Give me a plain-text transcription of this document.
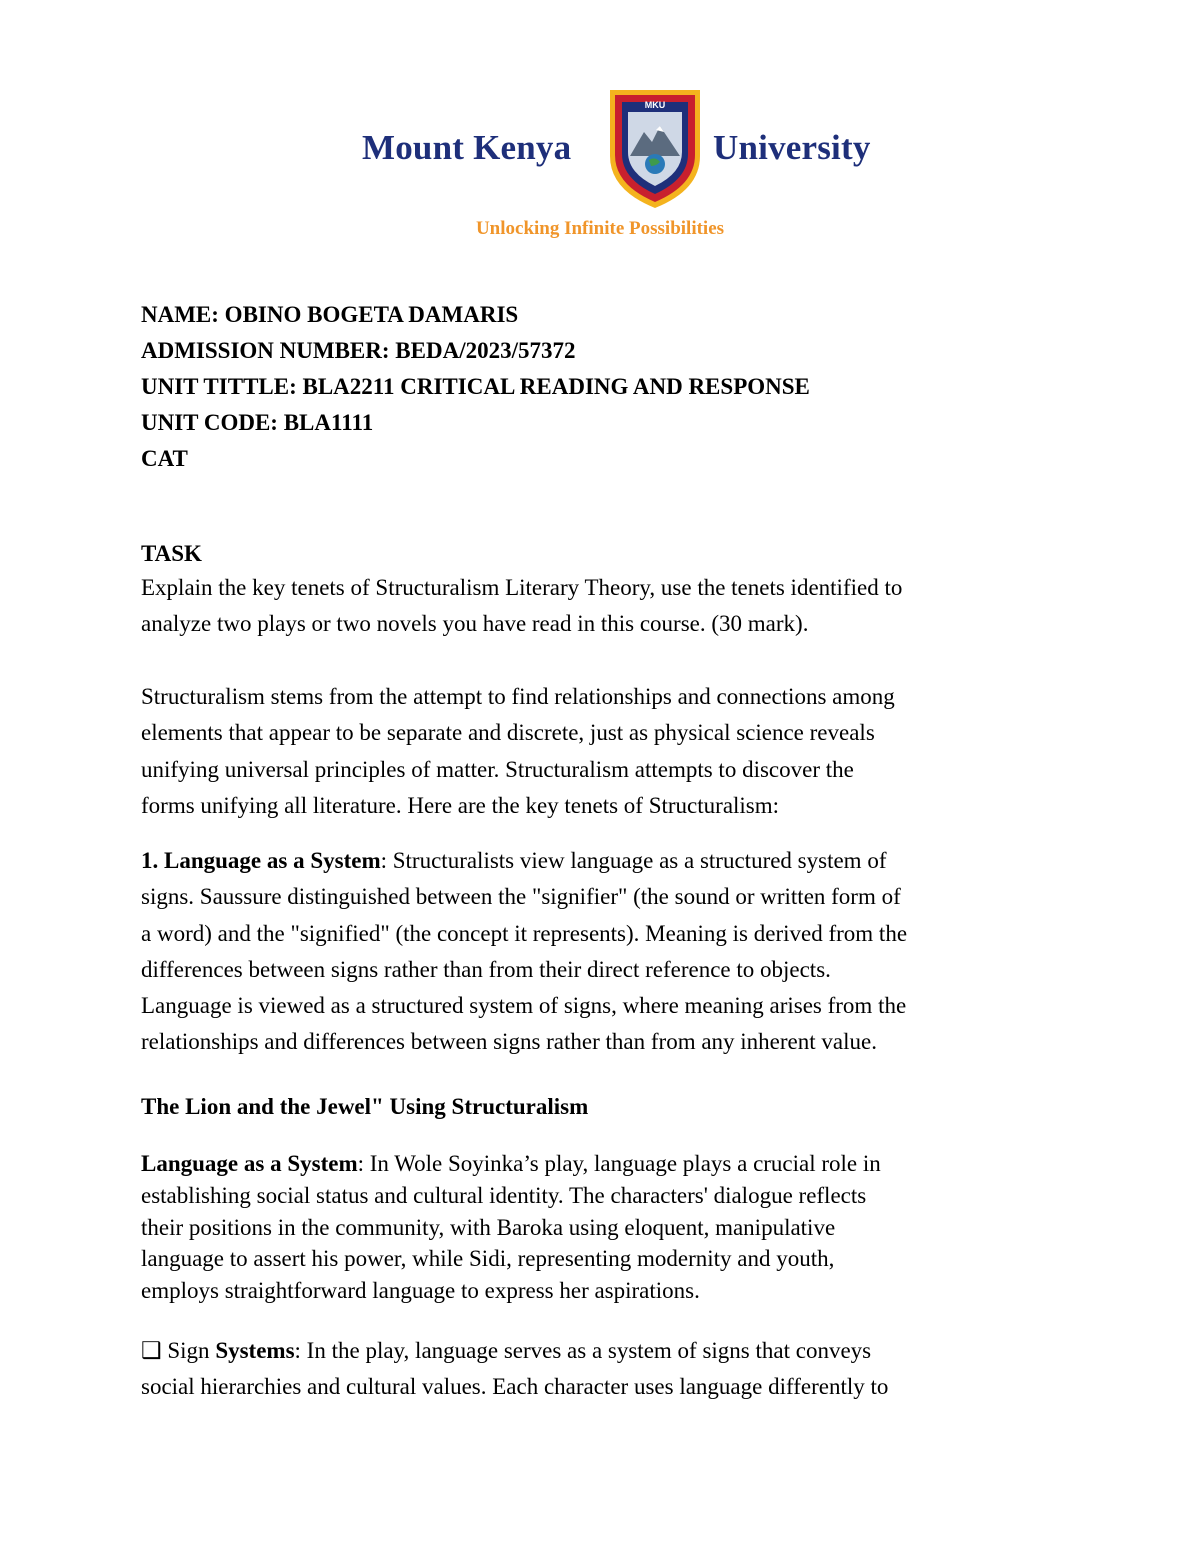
Mount Kenya
MKU
University
Unlocking Infinite Possibilities
NAME: OBINO BOGETA DAMARIS
ADMISSION NUMBER: BEDA/2023/57372
UNIT TITTLE: BLA2211 CRITICAL READING AND RESPONSE
UNIT CODE: BLA1111
CAT
TASK

Explain the key tenets of Structuralism Literary Theory, use the tenets identified to

analyze two plays or two novels you have read in this course. (30 mark).

Structuralism stems from the attempt to find relationships and connections among

elements that appear to be separate and discrete, just as physical science reveals

unifying universal principles of matter. Structuralism attempts to discover the

forms unifying all literature. Here are the key tenets of Structuralism:

1. Language as a System: Structuralists view language as a structured system of

signs. Saussure distinguished between the "signifier" (the sound or written form of

a word) and the "signified" (the concept it represents). Meaning is derived from the

differences between signs rather than from their direct reference to objects.

Language is viewed as a structured system of signs, where meaning arises from the

relationships and differences between signs rather than from any inherent value.

The Lion and the Jewel" Using Structuralism

Language as a System: In Wole Soyinka’s play, language plays a crucial role in

establishing social status and cultural identity. The characters' dialogue reflects

their positions in the community, with Baroka using eloquent, manipulative

language to assert his power, while Sidi, representing modernity and youth,

employs straightforward language to express her aspirations.

❑ Sign Systems: In the play, language serves as a system of signs that conveys

social hierarchies and cultural values. Each character uses language differently to
